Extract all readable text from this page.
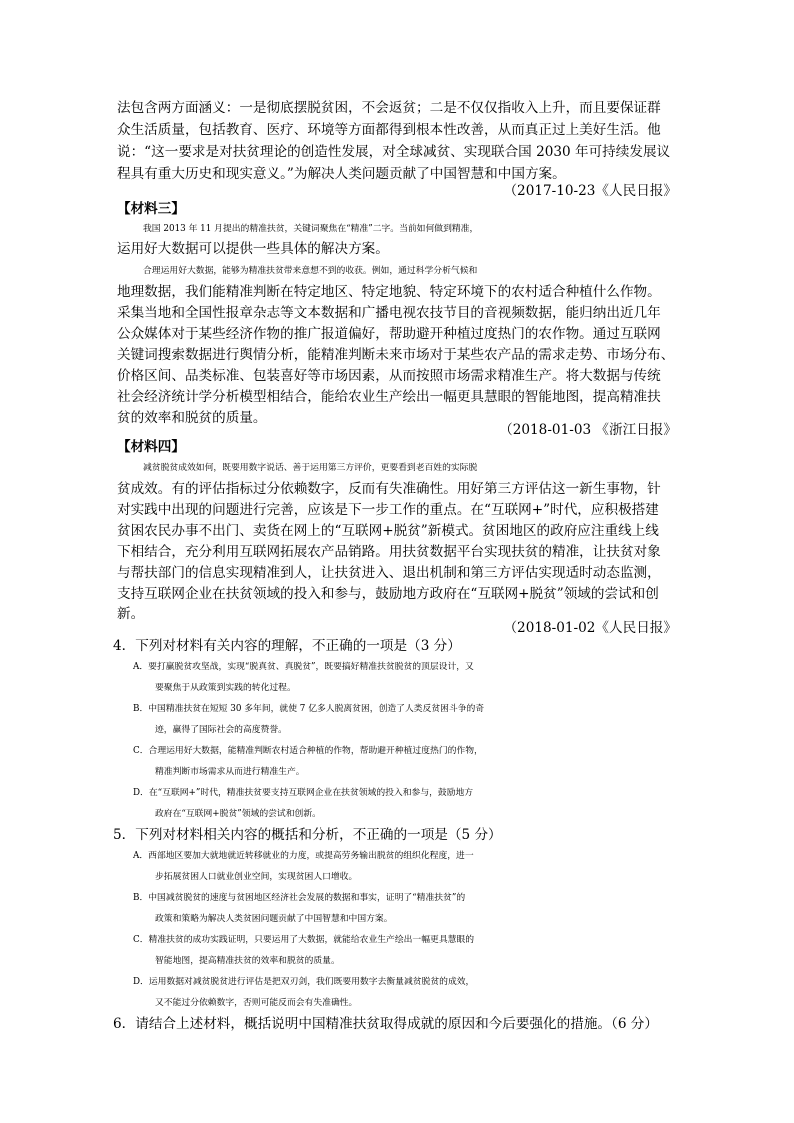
法包含两方面涵义：一是彻底摆脱贫困，不会返贫；二是不仅仅指收入上升，而且要保证群
众生活质量，包括教育、医疗、环境等方面都得到根本性改善，从而真正过上美好生活。他
说：“这一要求是对扶贫理论的创造性发展，对全球减贫、实现联合国 2030 年可持续发展议
程具有重大历史和现实意义。”为解决人类问题贡献了中国智慧和中国方案。
（2017-10-23《人民日报》
【材料三】
我国 2013 年 11 月提出的精准扶贫，关键词聚焦在“精准”二字。当前如何做到精准，
运用好大数据可以提供一些具体的解决方案。
合理运用好大数据，能够为精准扶贫带来意想不到的收获。例如，通过科学分析气候和
地理数据，我们能精准判断在特定地区、特定地貌、特定环境下的农村适合种植什么作物。
采集当地和全国性报章杂志等文本数据和广播电视农技节目的音视频数据，能归纳出近几年
公众媒体对于某些经济作物的推广报道偏好，帮助避开种植过度热门的农作物。通过互联网
关键词搜索数据进行舆情分析，能精准判断未来市场对于某些农产品的需求走势、市场分布、
价格区间、品类标准、包装喜好等市场因素，从而按照市场需求精准生产。将大数据与传统
社会经济统计学分析模型相结合，能给农业生产绘出一幅更具慧眼的智能地图，提高精准扶
贫的效率和脱贫的质量。
（2018-01-03 《浙江日报》
【材料四】
减贫脱贫成效如何，既要用数字说话、善于运用第三方评价，更要看到老百姓的实际脱
贫成效。有的评估指标过分依赖数字，反而有失准确性。用好第三方评估这一新生事物，针
对实践中出现的问题进行完善，应该是下一步工作的重点。在“互联网+”时代，应积极搭建
贫困农民办事不出门、卖货在网上的“互联网+脱贫”新模式。贫困地区的政府应注重线上线
下相结合，充分利用互联网拓展农产品销路。用扶贫数据平台实现扶贫的精准，让扶贫对象
与帮扶部门的信息实现精准到人，让扶贫进入、退出机制和第三方评估实现适时动态监测，
支持互联网企业在扶贫领域的投入和参与，鼓励地方政府在“互联网+脱贫”领域的尝试和创
新。
（2018-01-02《人民日报》
4．下列对材料有关内容的理解，不正确的一项是（3 分）
A．要打赢脱贫攻坚战，实现“脱真贫、真脱贫”，既要搞好精准扶贫脱贫的顶层设计，又
要聚焦于从政策到实践的转化过程。
B．中国精准扶贫在短短 30 多年间，就使 7 亿多人脱离贫困，创造了人类反贫困斗争的奇
迹，赢得了国际社会的高度赞誉。
C．合理运用好大数据，能精准判断农村适合种植的作物，帮助避开种植过度热门的作物，
精准判断市场需求从而进行精准生产。
D．在“互联网+”时代，精准扶贫要支持互联网企业在扶贫领域的投入和参与，鼓励地方
政府在“互联网+脱贫”领域的尝试和创新。
5．下列对材料相关内容的概括和分析，不正确的一项是（5 分）
A．西部地区要加大就地就近转移就业的力度，或提高劳务输出脱贫的组织化程度，进一
步拓展贫困人口就业创业空间，实现贫困人口增收。
B．中国减贫脱贫的速度与贫困地区经济社会发展的数据和事实，证明了“精准扶贫”的
政策和策略为解决人类贫困问题贡献了中国智慧和中国方案。
C．精准扶贫的成功实践证明，只要运用了大数据，就能给农业生产绘出一幅更具慧眼的
智能地图，提高精准扶贫的效率和脱贫的质量。
D．运用数据对减贫脱贫进行评估是把双刃剑，我们既要用数字去衡量减贫脱贫的成效，
又不能过分依赖数字，否则可能反而会有失准确性。
6．请结合上述材料，概括说明中国精准扶贫取得成就的原因和今后要强化的措施。（6 分）
